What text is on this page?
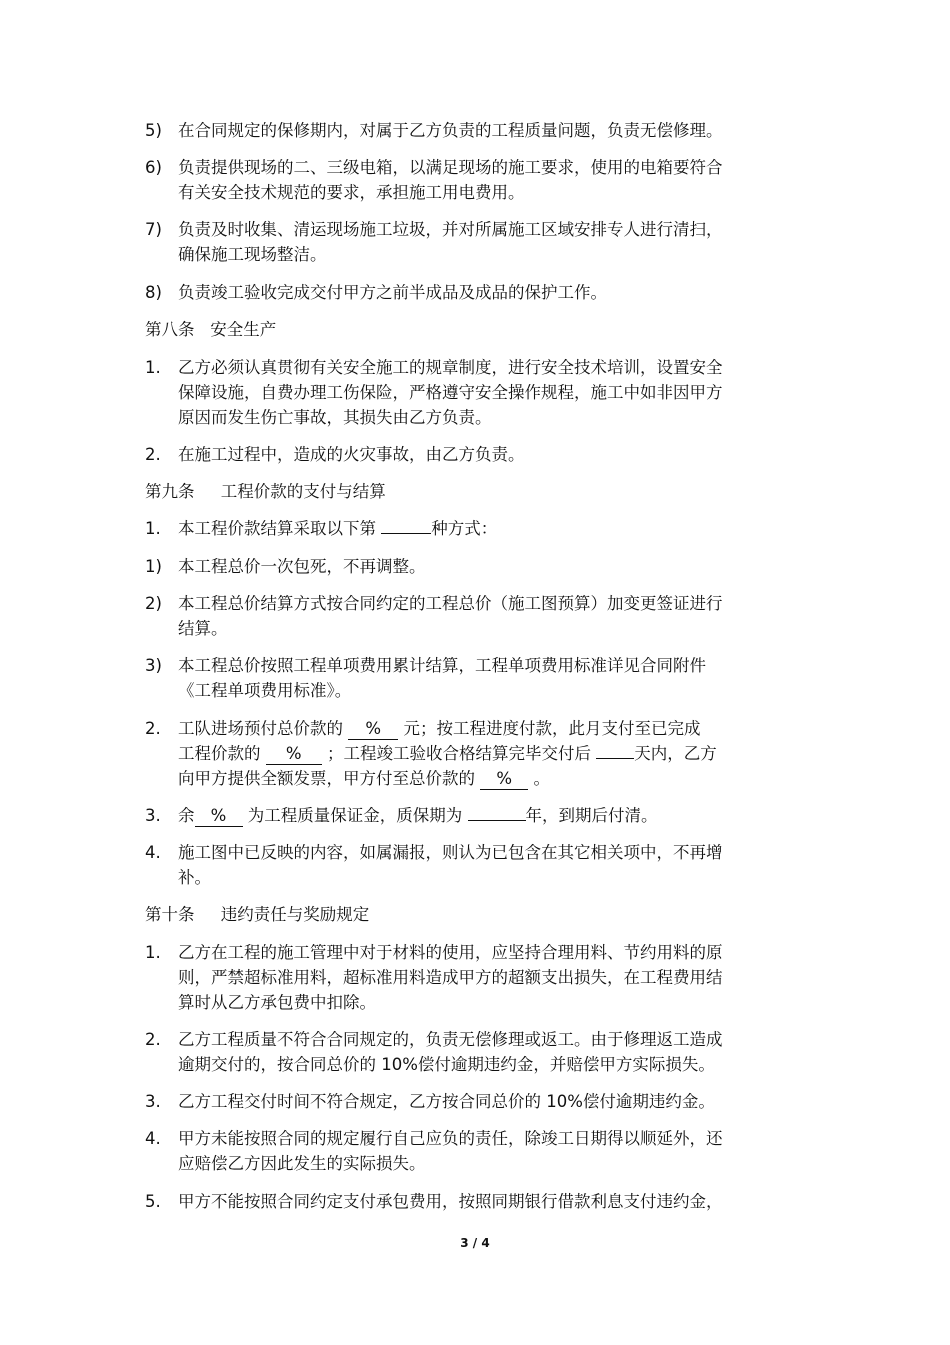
5) 在合同规定的保修期内，对属于乙方负责的工程质量问题，负责无偿修理。
6) 负责提供现场的二、三级电箱，以满足现场的施工要求，使用的电箱要符合
有关安全技术规范的要求，承担施工用电费用。
7) 负责及时收集、清运现场施工垃圾，并对所属施工区域安排专人进行清扫，
确保施工现场整洁。
8) 负责竣工验收完成交付甲方之前半成品及成品的保护工作。
第八条   安全生产
1. 乙方必须认真贯彻有关安全施工的规章制度，进行安全技术培训，设置安全
保障设施，自费办理工伤保险，严格遵守安全操作规程，施工中如非因甲方
原因而发生伤亡事故，其损失由乙方负责。
2. 在施工过程中，造成的火灾事故，由乙方负责。
第九条     工程价款的支付与结算
1. 本工程价款结算采取以下第	种方式：
1) 本工程总价一次包死，不再调整。
2) 本工程总价结算方式按合同约定的工程总价（施工图预算）加变更签证进行
结算。
3) 本工程总价按照工程单项费用累计结算，工程单项费用标准详见合同附件
《工程单项费用标准》。
2. 工队进场预付总价款的 % 元；按工程进度付款，此月支付至已完成
工程价款的 % ；工程竣工验收合格结算完毕交付后 天内，乙方
向甲方提供全额发票，甲方付至总价款的 % 。
3. 余 % 为工程质量保证金，质保期为	年，到期后付清。
4. 施工图中已反映的内容，如属漏报，则认为已包含在其它相关项中，不再增
补。
第十条     违约责任与奖励规定
1. 乙方在工程的施工管理中对于材料的使用，应坚持合理用料、节约用料的原
则，严禁超标准用料，超标准用料造成甲方的超额支出损失，在工程费用结
算时从乙方承包费中扣除。
2. 乙方工程质量不符合合同规定的，负责无偿修理或返工。由于修理返工造成
逾期交付的，按合同总价的 10%偿付逾期违约金，并赔偿甲方实际损失。
3. 乙方工程交付时间不符合规定，乙方按合同总价的 10%偿付逾期违约金。
4. 甲方未能按照合同的规定履行自己应负的责任，除竣工日期得以顺延外，还
应赔偿乙方因此发生的实际损失。
5. 甲方不能按照合同约定支付承包费用，按照同期银行借款利息支付违约金，
3 / 4
